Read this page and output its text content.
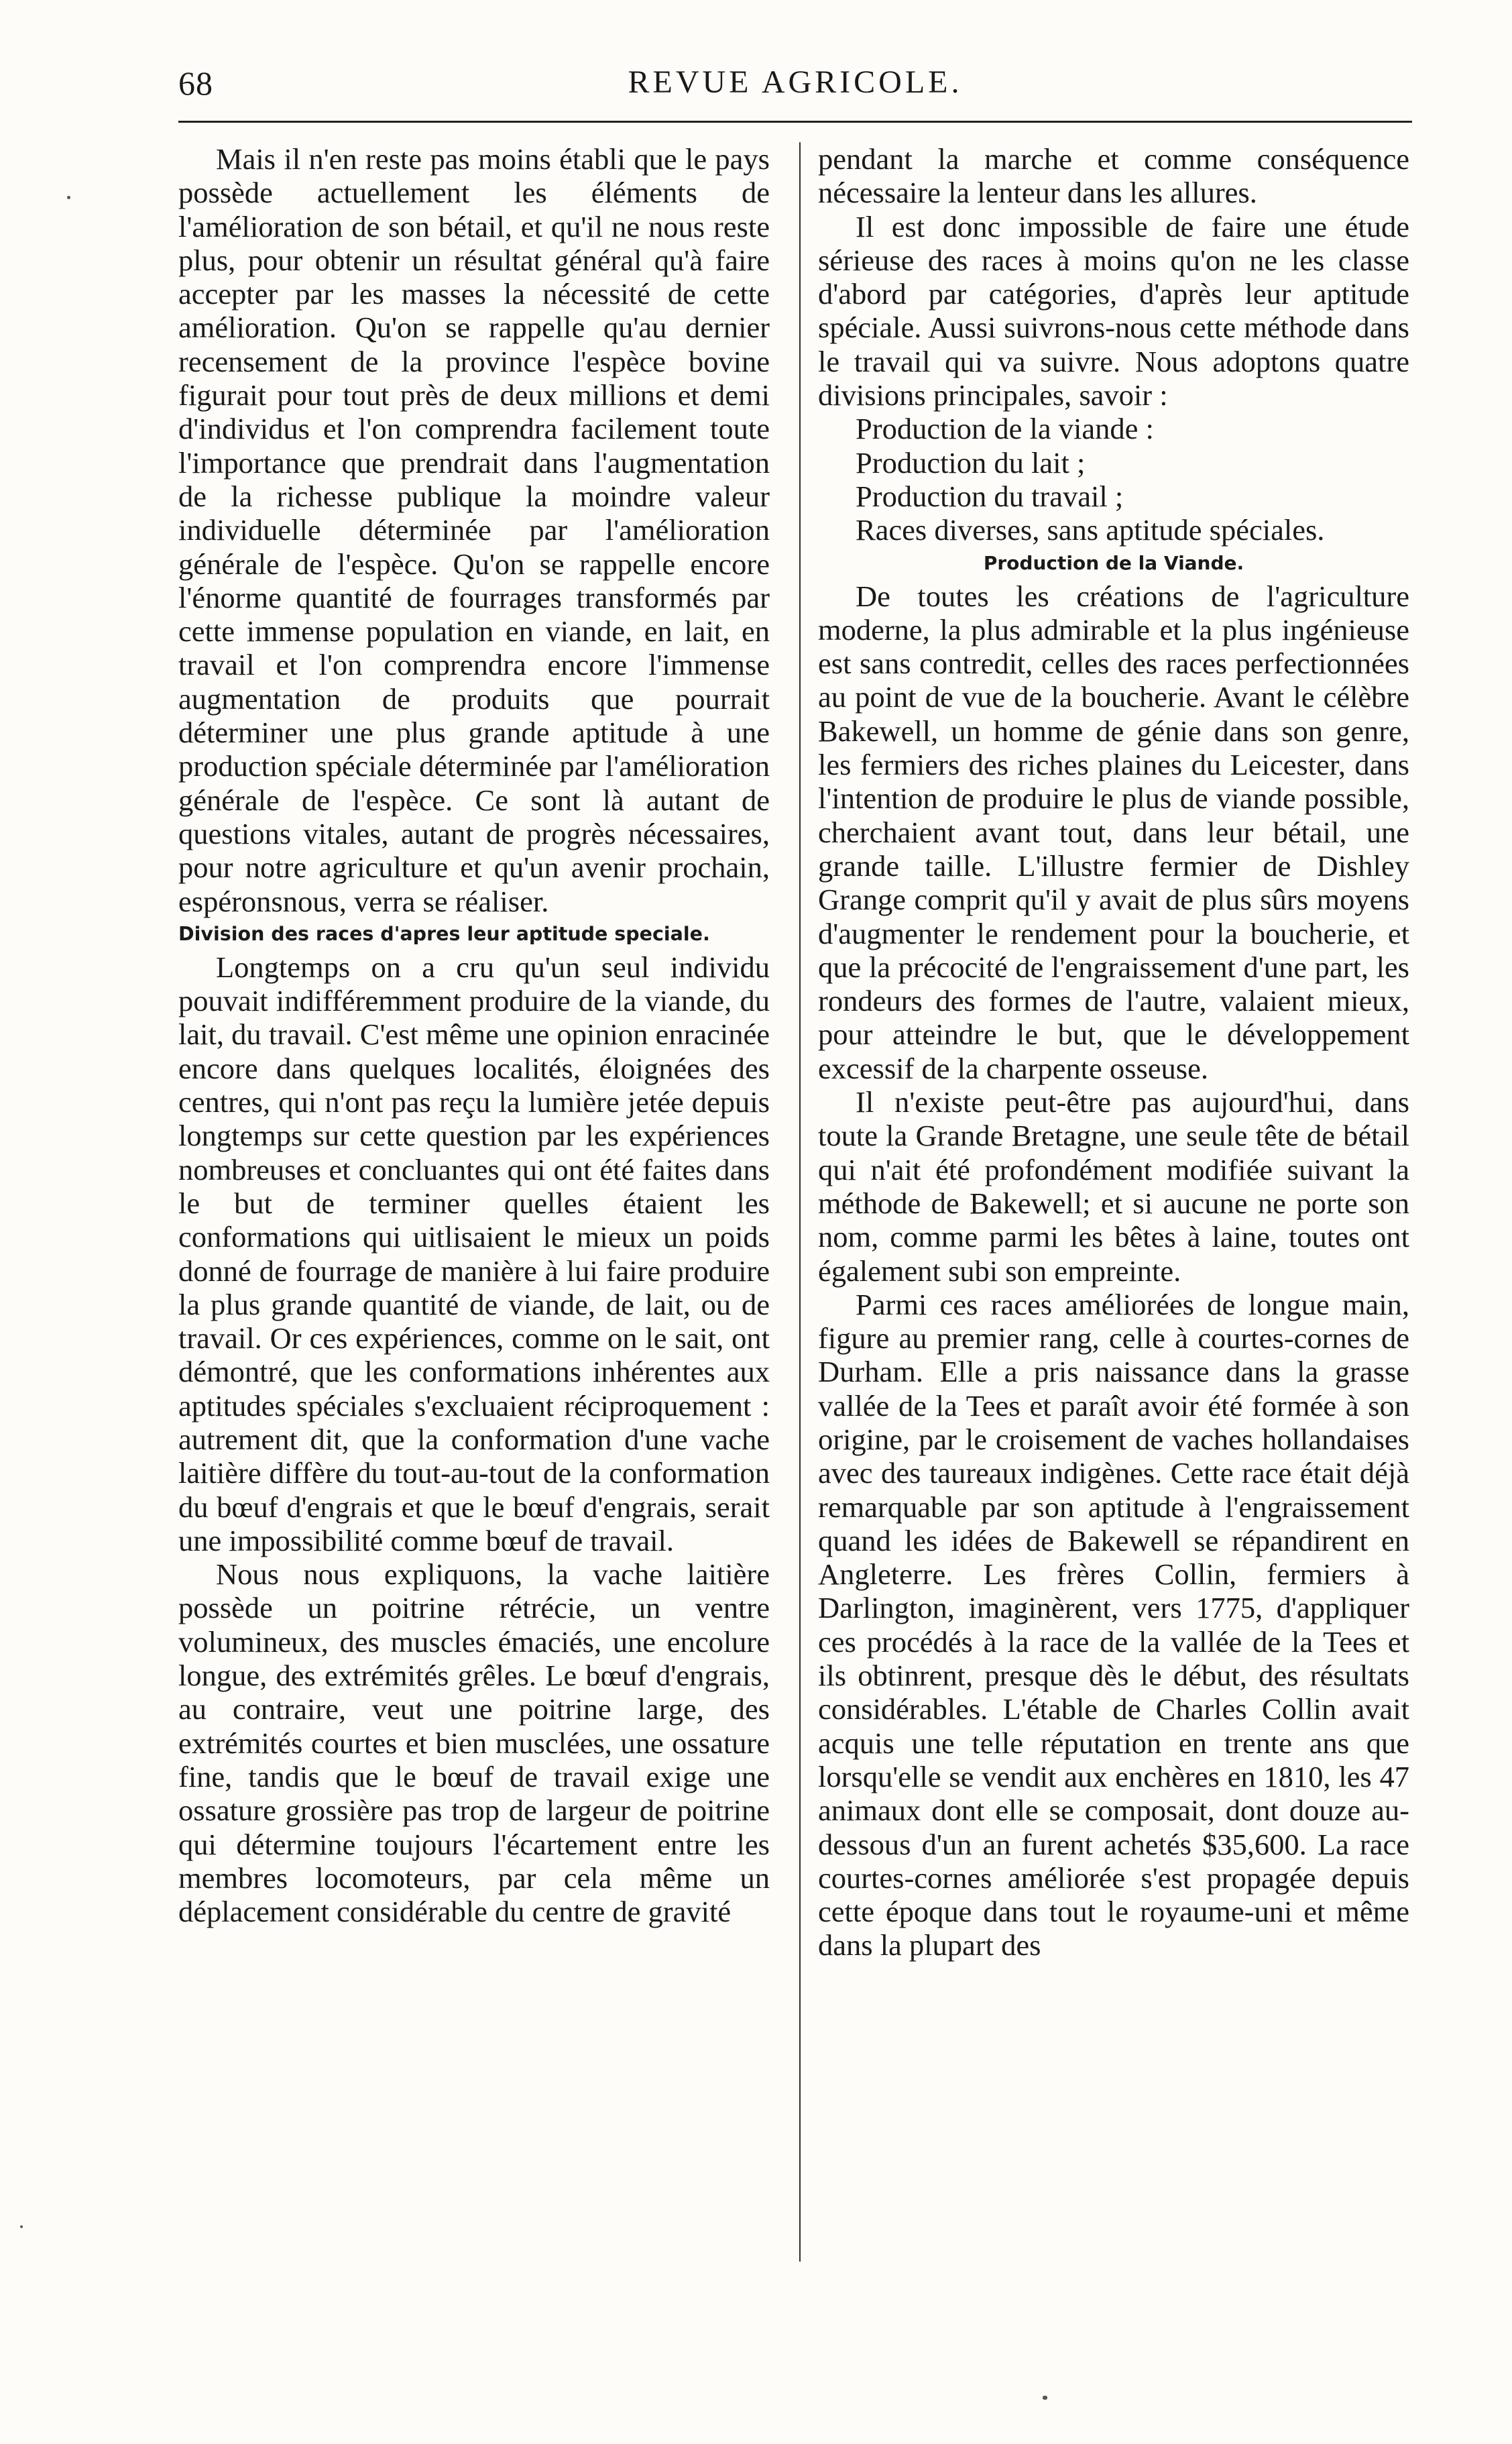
68	REVUE AGRICOLE.

Mais il n'en reste pas moins établi que le pays possède actuellement les éléments de l'amélioration de son bétail, et qu'il ne nous reste plus, pour obtenir un résultat général qu'à faire accepter par les masses la nécessité de cette amélioration. Qu'on se rappelle qu'au dernier recensement de la province l'espèce bovine figurait pour tout près de deux millions et demi d'individus et l'on comprendra facilement toute l'importance que prendrait dans l'augmentation de la richesse publique la moindre valeur individuelle déterminée par l'amélioration générale de l'espèce. Qu'on se rappelle encore l'énorme quantité de fourrages transformés par cette immense population en viande, en lait, en travail et l'on comprendra encore l'immense augmentation de produits que pourrait déterminer une plus grande aptitude à une production spéciale déterminée par l'amélioration générale de l'espèce. Ce sont là autant de questions vitales, autant de progrès nécessaires, pour notre agriculture et qu'un avenir prochain, espéronsnous, verra se réaliser.

Division des races d'apres leur aptitude speciale.

Longtemps on a cru qu'un seul individu pouvait indifféremment produire de la viande, du lait, du travail. C'est même une opinion enracinée encore dans quelques localités, éloignées des centres, qui n'ont pas reçu la lumière jetée depuis longtemps sur cette question par les expériences nombreuses et concluantes qui ont été faites dans le but de terminer quelles étaient les conformations qui uitlisaient le mieux un poids donné de fourrage de manière à lui faire produire la plus grande quantité de viande, de lait, ou de travail. Or ces expériences, comme on le sait, ont démontré, que les conformations inhérentes aux aptitudes spéciales s'excluaient réciproquement : autrement dit, que la conformation d'une vache laitière diffère du tout-au-tout de la conformation du bœuf d'engrais et que le bœuf d'engrais, serait une impossibilité comme bœuf de travail.

Nous nous expliquons, la vache laitière possède un poitrine rétrécie, un ventre volumineux, des muscles émaciés, une encolure longue, des extrémités grêles. Le bœuf d'engrais, au contraire, veut une poitrine large, des extrémités courtes et bien musclées, une ossature fine, tandis que le bœuf de travail exige une ossature grossière pas trop de largeur de poitrine qui détermine toujours l'écartement entre les membres locomoteurs, par cela même un déplacement considérable du centre de gravité

pendant la marche et comme conséquence nécessaire la lenteur dans les allures.

Il est donc impossible de faire une étude sérieuse des races à moins qu'on ne les classe d'abord par catégories, d'après leur aptitude spéciale. Aussi suivrons-nous cette méthode dans le travail qui va suivre. Nous adoptons quatre divisions principales, savoir :

Production de la viande :

Production du lait ;

Production du travail ;

Races diverses, sans aptitude spéciales.

Production de la Viande.

De toutes les créations de l'agriculture moderne, la plus admirable et la plus ingénieuse est sans contredit, celles des races perfectionnées au point de vue de la boucherie. Avant le célèbre Bakewell, un homme de génie dans son genre, les fermiers des riches plaines du Leicester, dans l'intention de produire le plus de viande possible, cherchaient avant tout, dans leur bétail, une grande taille. L'illustre fermier de Dishley Grange comprit qu'il y avait de plus sûrs moyens d'augmenter le rendement pour la boucherie, et que la précocité de l'engraissement d'une part, les rondeurs des formes de l'autre, valaient mieux, pour atteindre le but, que le développement excessif de la charpente osseuse.

Il n'existe peut-être pas aujourd'hui, dans toute la Grande Bretagne, une seule tête de bétail qui n'ait été profondément modifiée suivant la méthode de Bakewell; et si aucune ne porte son nom, comme parmi les bêtes à laine, toutes ont également subi son empreinte.

Parmi ces races améliorées de longue main, figure au premier rang, celle à courtes-cornes de Durham. Elle a pris naissance dans la grasse vallée de la Tees et paraît avoir été formée à son origine, par le croisement de vaches hollandaises avec des taureaux indigènes. Cette race était déjà remarquable par son aptitude à l'engraissement quand les idées de Bakewell se répandirent en Angleterre. Les frères Collin, fermiers à Darlington, imaginèrent, vers 1775, d'appliquer ces procédés à la race de la vallée de la Tees et ils obtinrent, presque dès le début, des résultats considérables. L'étable de Charles Collin avait acquis une telle réputation en trente ans que lorsqu'elle se vendit aux enchères en 1810, les 47 animaux dont elle se composait, dont douze au-dessous d'un an furent achetés $35,600. La race courtes-cornes améliorée s'est propagée depuis cette époque dans tout le royaume-uni et même dans la plupart des
